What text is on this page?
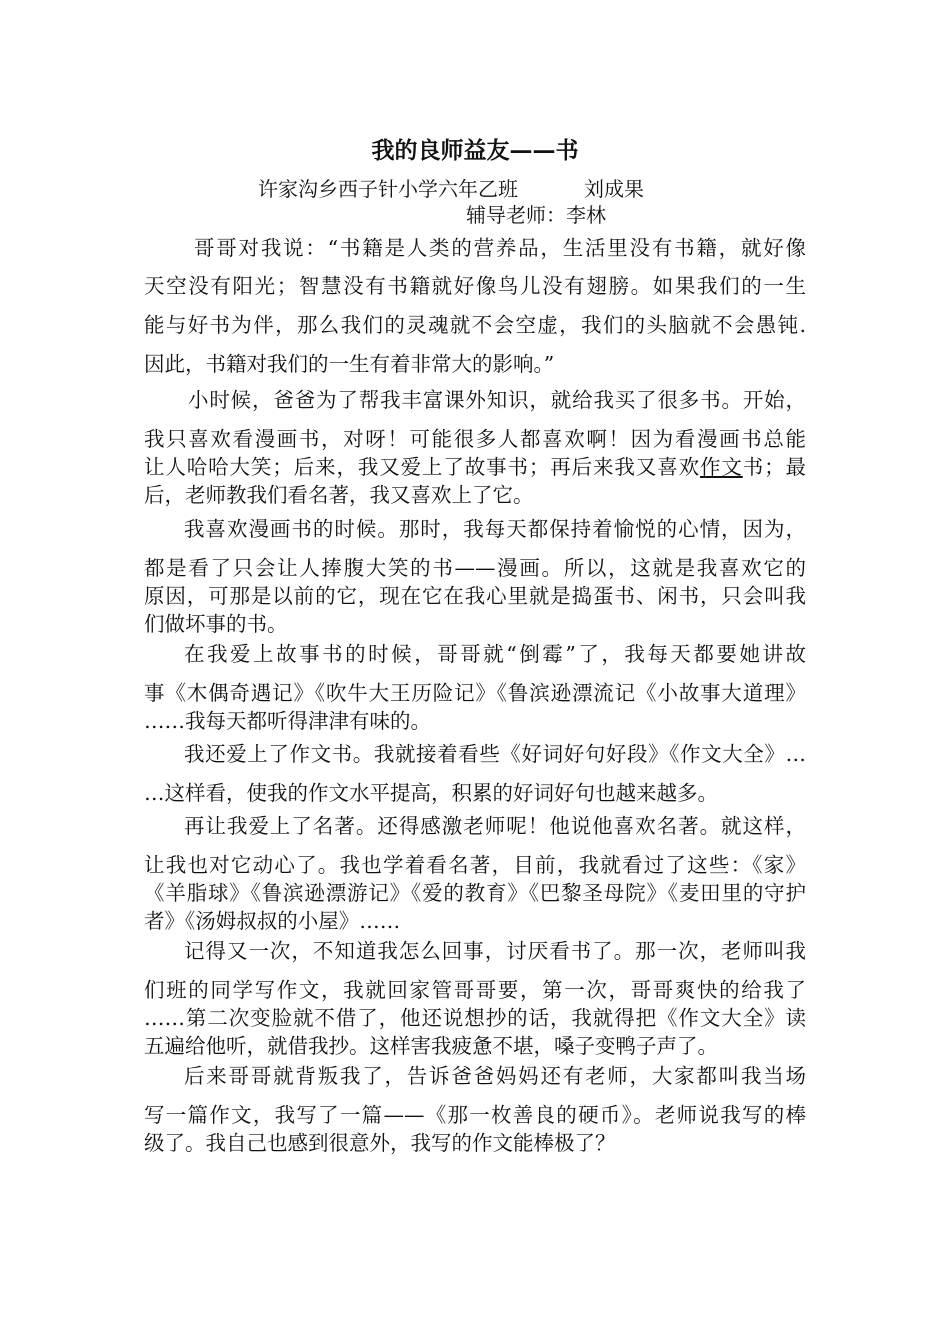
我的良师益友——书
许家沟乡西子针小学六年乙班	刘成果
辅导老师：李林
哥哥对我说：“书籍是人类的营养品，生活里没有书籍，就好像
天空没有阳光；智慧没有书籍就好像鸟儿没有翅膀。如果我们的一生
能与好书为伴，那么我们的灵魂就不会空虚，我们的头脑就不会愚钝.
因此，书籍对我们的一生有着非常大的影响。”
小时候，爸爸为了帮我丰富课外知识，就给我买了很多书。开始，
我只喜欢看漫画书，对呀！可能很多人都喜欢啊！因为看漫画书总能
让人哈哈大笑；后来，我又爱上了故事书；再后来我又喜欢作文书；最
后，老师教我们看名著，我又喜欢上了它。
我喜欢漫画书的时候。那时，我每天都保持着愉悦的心情，因为，
都是看了只会让人捧腹大笑的书——漫画。所以，这就是我喜欢它的
原因，可那是以前的它，现在它在我心里就是捣蛋书、闲书，只会叫我
们做坏事的书。
在我爱上故事书的时候，哥哥就“倒霉”了，我每天都要她讲故
事《木偶奇遇记》《吹牛大王历险记》《鲁滨逊漂流记《小故事大道理》
……我每天都听得津津有味的。
我还爱上了作文书。我就接着看些《好词好句好段》《作文大全》…
…这样看，使我的作文水平提高，积累的好词好句也越来越多。
再让我爱上了名著。还得感激老师呢！他说他喜欢名著。就这样，
让我也对它动心了。我也学着看名著，目前，我就看过了这些：《家》
《羊脂球》《鲁滨逊漂游记》《爱的教育》《巴黎圣母院》《麦田里的守护
者》《汤姆叔叔的小屋》……
记得又一次，不知道我怎么回事，讨厌看书了。那一次，老师叫我
们班的同学写作文，我就回家管哥哥要，第一次，哥哥爽快的给我了
……第二次变脸就不借了，他还说想抄的话，我就得把《作文大全》读
五遍给他听，就借我抄。这样害我疲惫不堪，嗓子变鸭子声了。
后来哥哥就背叛我了，告诉爸爸妈妈还有老师，大家都叫我当场
写一篇作文，我写了一篇——《那一枚善良的硬币》。老师说我写的棒
级了。我自己也感到很意外，我写的作文能棒极了？
